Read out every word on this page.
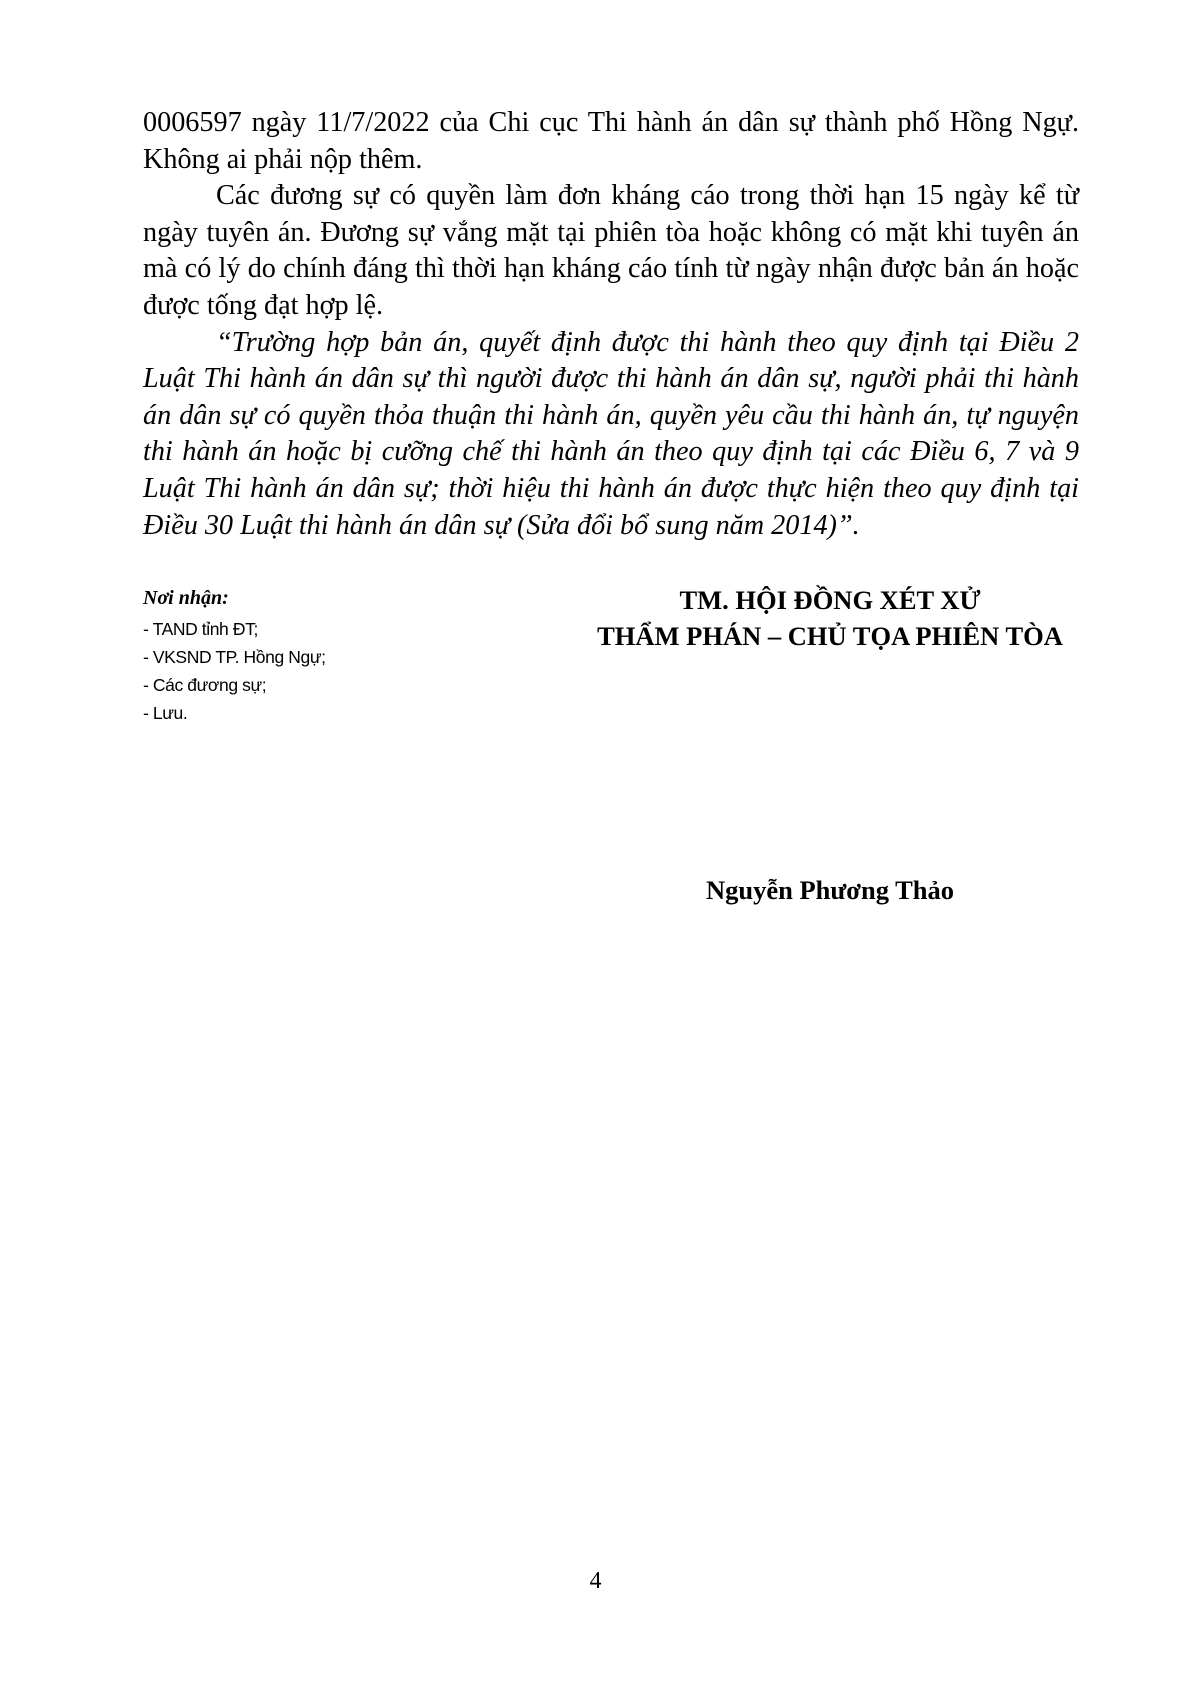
0006597 ngày 11/7/2022 của Chi cục Thi hành án dân sự thành phố Hồng Ngự. Không ai phải nộp thêm.

Các đương sự có quyền làm đơn kháng cáo trong thời hạn 15 ngày kể từ ngày tuyên án. Đương sự vắng mặt tại phiên tòa hoặc không có mặt khi tuyên án mà có lý do chính đáng thì thời hạn kháng cáo tính từ ngày nhận được bản án hoặc được tống đạt hợp lệ.

“Trường hợp bản án, quyết định được thi hành theo quy định tại Điều 2 Luật Thi hành án dân sự thì người được thi hành án dân sự, người phải thi hành án dân sự có quyền thỏa thuận thi hành án, quyền yêu cầu thi hành án, tự nguyện thi hành án hoặc bị cưỡng chế thi hành án theo quy định tại các Điều 6, 7 và 9 Luật Thi hành án dân sự; thời hiệu thi hành án được thực hiện theo quy định tại Điều 30 Luật thi hành án dân sự (Sửa đổi bổ sung năm 2014)”.

Nơi nhận:
- TAND tỉnh ĐT;
- VKSND TP. Hồng Ngự;
- Các đương sự;
- Lưu.
TM. HỘI ĐỒNG XÉT XỬ
THẨM PHÁN – CHỦ TỌA PHIÊN TÒA
Nguyễn Phương Thảo
4
